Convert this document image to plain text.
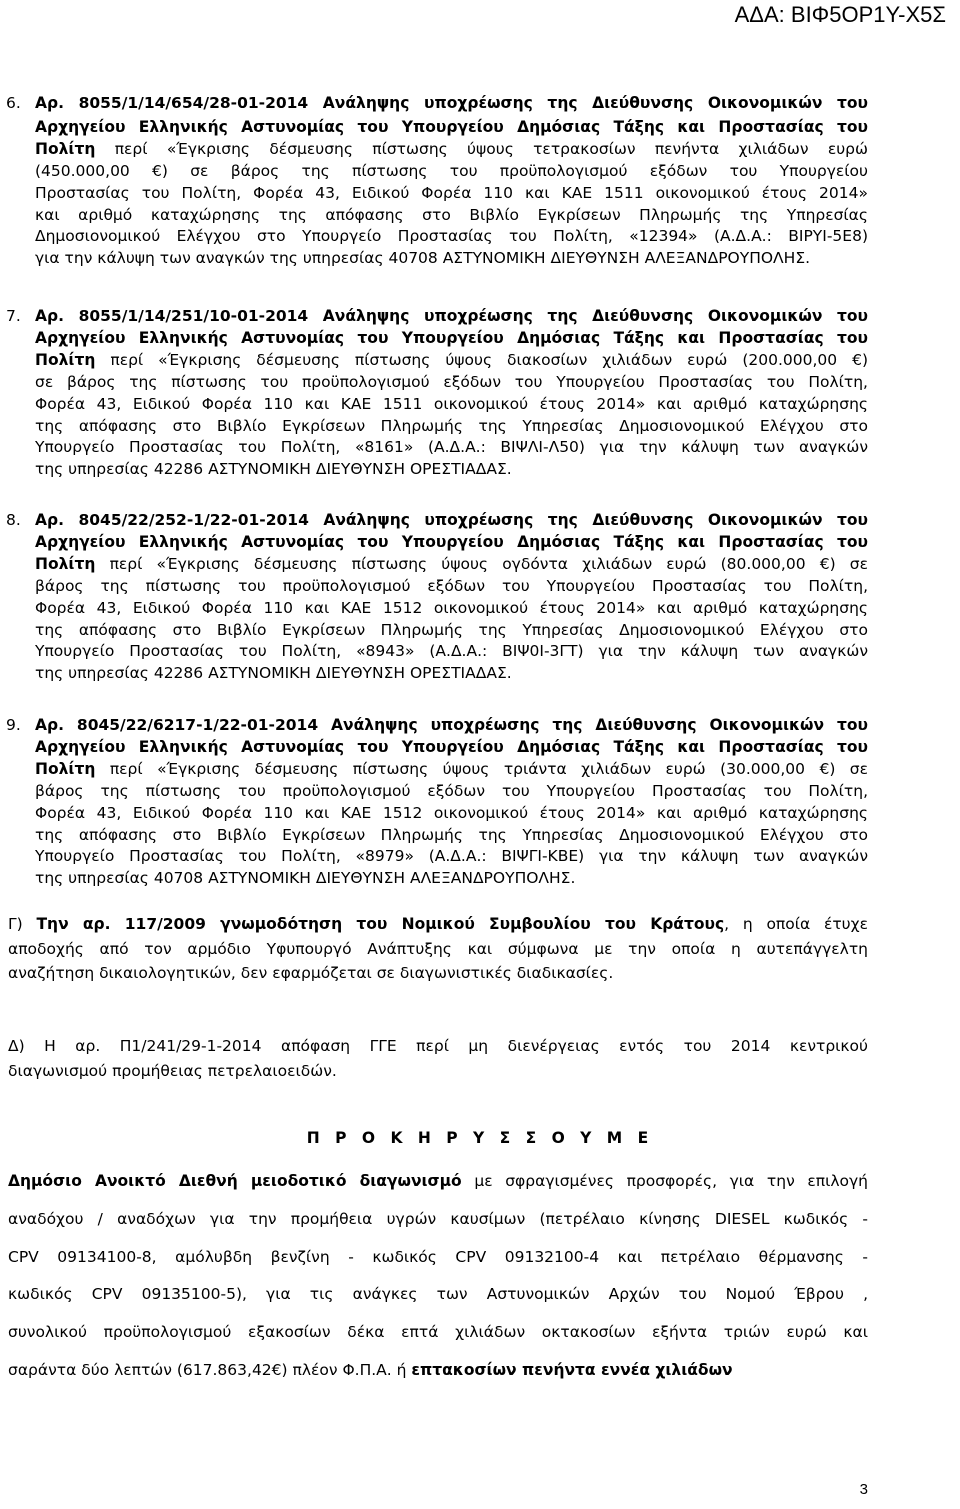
ΑΔΑ: ΒΙΦ5ΟΡ1Υ-Χ5Σ
6. Αρ. 8055/1/14/654/28-01-2014 Ανάληψης υποχρέωσης της Διεύθυνσης Οικονομικών του
Αρχηγείου Ελληνικής Αστυνομίας του Υπουργείου Δημόσιας Τάξης και Προστασίας του
Πολίτη περί «Έγκρισης δέσμευσης πίστωσης ύψους τετρακοσίων πενήντα χιλιάδων ευρώ
(450.000,00 €) σε βάρος της πίστωσης του προϋπολογισμού εξόδων του Υπουργείου
Προστασίας του Πολίτη, Φορέα 43, Ειδικού Φορέα 110 και ΚΑΕ 1511 οικονομικού έτους 2014»
και αριθμό καταχώρησης της απόφασης στο Βιβλίο Εγκρίσεων Πληρωμής της Υπηρεσίας
Δημοσιονομικού Ελέγχου στο Υπουργείο Προστασίας του Πολίτη, «12394» (Α.Δ.Α.: ΒΙΡΥΙ-5Ε8)
για την κάλυψη των αναγκών της υπηρεσίας 40708 ΑΣΤΥΝΟΜΙΚΗ ΔΙΕΥΘΥΝΣΗ ΑΛΕΞΑΝΔΡΟΥΠΟΛΗΣ.
7. Αρ. 8055/1/14/251/10-01-2014 Ανάληψης υποχρέωσης της Διεύθυνσης Οικονομικών του
Αρχηγείου Ελληνικής Αστυνομίας του Υπουργείου Δημόσιας Τάξης και Προστασίας του
Πολίτη περί «Έγκρισης δέσμευσης πίστωσης ύψους διακοσίων χιλιάδων ευρώ (200.000,00 €)
σε βάρος της πίστωσης του προϋπολογισμού εξόδων του Υπουργείου Προστασίας του Πολίτη,
Φορέα 43, Ειδικού Φορέα 110 και ΚΑΕ 1511 οικονομικού έτους 2014» και αριθμό καταχώρησης
της απόφασης στο Βιβλίο Εγκρίσεων Πληρωμής της Υπηρεσίας Δημοσιονομικού Ελέγχου στο
Υπουργείο Προστασίας του Πολίτη, «8161» (Α.Δ.Α.: ΒΙΨΛΙ-Λ50) για την κάλυψη των αναγκών
της υπηρεσίας 42286 ΑΣΤΥΝΟΜΙΚΗ ΔΙΕΥΘΥΝΣΗ ΟΡΕΣΤΙΑΔΑΣ.
8. Αρ. 8045/22/252-1/22-01-2014 Ανάληψης υποχρέωσης της Διεύθυνσης Οικονομικών του
Αρχηγείου Ελληνικής Αστυνομίας του Υπουργείου Δημόσιας Τάξης και Προστασίας του
Πολίτη περί «Έγκρισης δέσμευσης πίστωσης ύψους ογδόντα χιλιάδων ευρώ (80.000,00 €) σε
βάρος της πίστωσης του προϋπολογισμού εξόδων του Υπουργείου Προστασίας του Πολίτη,
Φορέα 43, Ειδικού Φορέα 110 και ΚΑΕ 1512 οικονομικού έτους 2014» και αριθμό καταχώρησης
της απόφασης στο Βιβλίο Εγκρίσεων Πληρωμής της Υπηρεσίας Δημοσιονομικού Ελέγχου στο
Υπουργείο Προστασίας του Πολίτη, «8943» (Α.Δ.Α.: ΒΙΨ0Ι-3ΓΤ) για την κάλυψη των αναγκών
της υπηρεσίας 42286 ΑΣΤΥΝΟΜΙΚΗ ΔΙΕΥΘΥΝΣΗ ΟΡΕΣΤΙΑΔΑΣ.
9. Αρ. 8045/22/6217-1/22-01-2014 Ανάληψης υποχρέωσης της Διεύθυνσης Οικονομικών του
Αρχηγείου Ελληνικής Αστυνομίας του Υπουργείου Δημόσιας Τάξης και Προστασίας του
Πολίτη περί «Έγκρισης δέσμευσης πίστωσης ύψους τριάντα χιλιάδων ευρώ (30.000,00 €) σε
βάρος της πίστωσης του προϋπολογισμού εξόδων του Υπουργείου Προστασίας του Πολίτη,
Φορέα 43, Ειδικού Φορέα 110 και ΚΑΕ 1512 οικονομικού έτους 2014» και αριθμό καταχώρησης
της απόφασης στο Βιβλίο Εγκρίσεων Πληρωμής της Υπηρεσίας Δημοσιονομικού Ελέγχου στο
Υπουργείο Προστασίας του Πολίτη, «8979» (Α.Δ.Α.: ΒΙΨΓΙ-ΚΒΕ) για την κάλυψη των αναγκών
της υπηρεσίας 40708 ΑΣΤΥΝΟΜΙΚΗ ΔΙΕΥΘΥΝΣΗ ΑΛΕΞΑΝΔΡΟΥΠΟΛΗΣ.
Γ) Την αρ. 117/2009 γνωμοδότηση του Νομικού Συμβουλίου του Κράτους, η οποία έτυχε
αποδοχής από τον αρμόδιο Υφυπουργό Ανάπτυξης και σύμφωνα με την οποία η αυτεπάγγελτη
αναζήτηση δικαιολογητικών, δεν εφαρμόζεται σε διαγωνιστικές διαδικασίες.
Δ) Η αρ. Π1/241/29-1-2014 απόφαση ΓΓΕ περί μη διενέργειας εντός του 2014 κεντρικού
διαγωνισμού προμήθειας πετρελαιοειδών.
Π Ρ Ο Κ Η Ρ Υ Σ Σ Ο Υ Μ Ε
Δημόσιο Ανοικτό Διεθνή μειοδοτικό διαγωνισμό με σφραγισμένες προσφορές, για την επιλογή
αναδόχου / αναδόχων για την προμήθεια υγρών καυσίμων (πετρέλαιο κίνησης DIESEL κωδικός -
CPV 09134100-8, αμόλυβδη βενζίνη - κωδικός CPV 09132100-4 και πετρέλαιο θέρμανσης -
κωδικός CPV 09135100-5), για τις ανάγκες των Αστυνομικών Αρχών του Νομού Έβρου ,
συνολικού προϋπολογισμού εξακοσίων δέκα επτά χιλιάδων οκτακοσίων εξήντα τριών ευρώ και
σαράντα δύο λεπτών (617.863,42€) πλέον Φ.Π.Α. ή επτακοσίων πενήντα εννέα χιλιάδων
3
